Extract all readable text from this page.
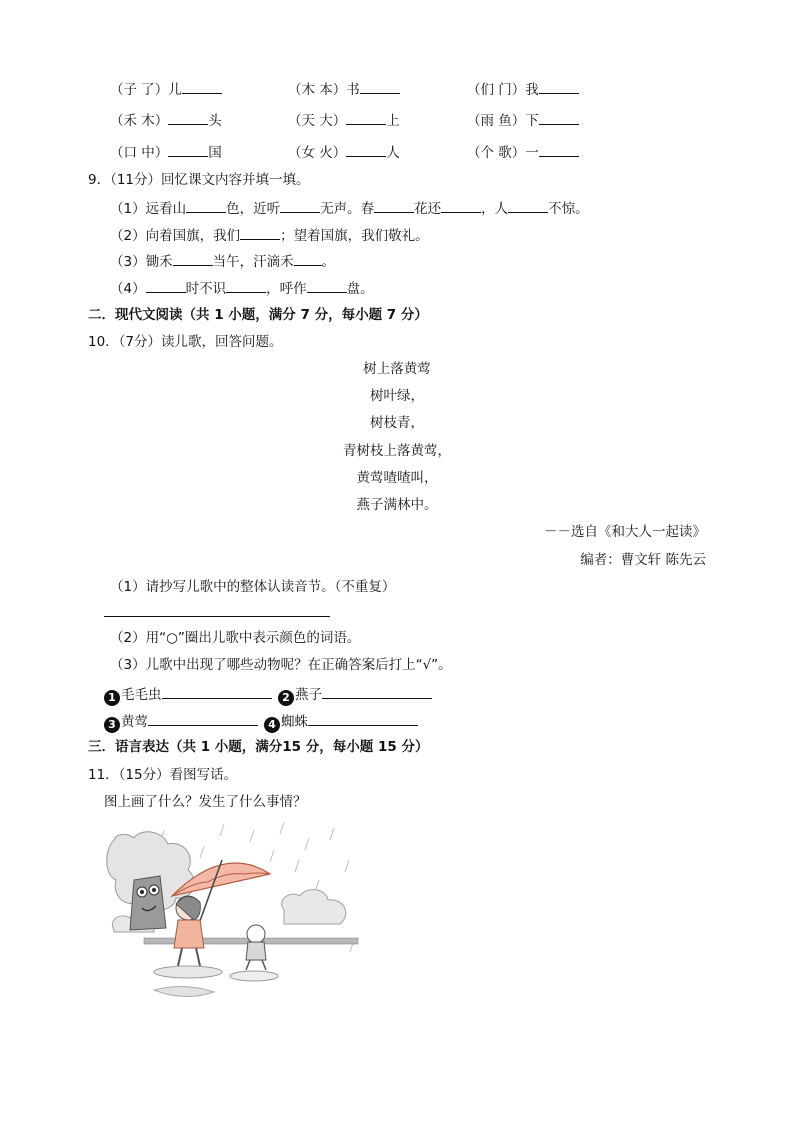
（子 了）儿	（木 本）书	（们 门）我
（禾 木）	头	（天 大）	上	（雨 鱼）下
（口 中）	国	（女 火）	人	（个 歌）一
9．（11分）回忆课文内容并填一填。
（1）远看山	色，近听	无声。春	花还	，人	不惊。
（2）向着国旗，我们	；望着国旗，我们敬礼。
（3）锄禾	当午，汗滴禾 。
（4）	时不识	，呼作	盘。
二．现代文阅读（共 1 小题，满分 7 分，每小题 7 分）
10．（7分）读儿歌，回答问题。
树上落黄莺
树叶绿，
树枝青，
青树枝上落黄莺，
黄莺喳喳叫，
燕子满林中。
－－选自《和大人一起读》
编者：曹文轩 陈先云
（1）请抄写儿歌中的整体认读音节。（不重复）
（2）用“○”圈出儿歌中表示颜色的词语。
（3）儿歌中出现了哪些动物呢？在正确答案后打上“√”。
1 毛毛虫	2 燕子
3 黄莺	4 蜘蛛
三．语言表达（共 1 小题，满分15 分，每小题 15 分）
11．（15分）看图写话。
图上画了什么？发生了什么事情？
